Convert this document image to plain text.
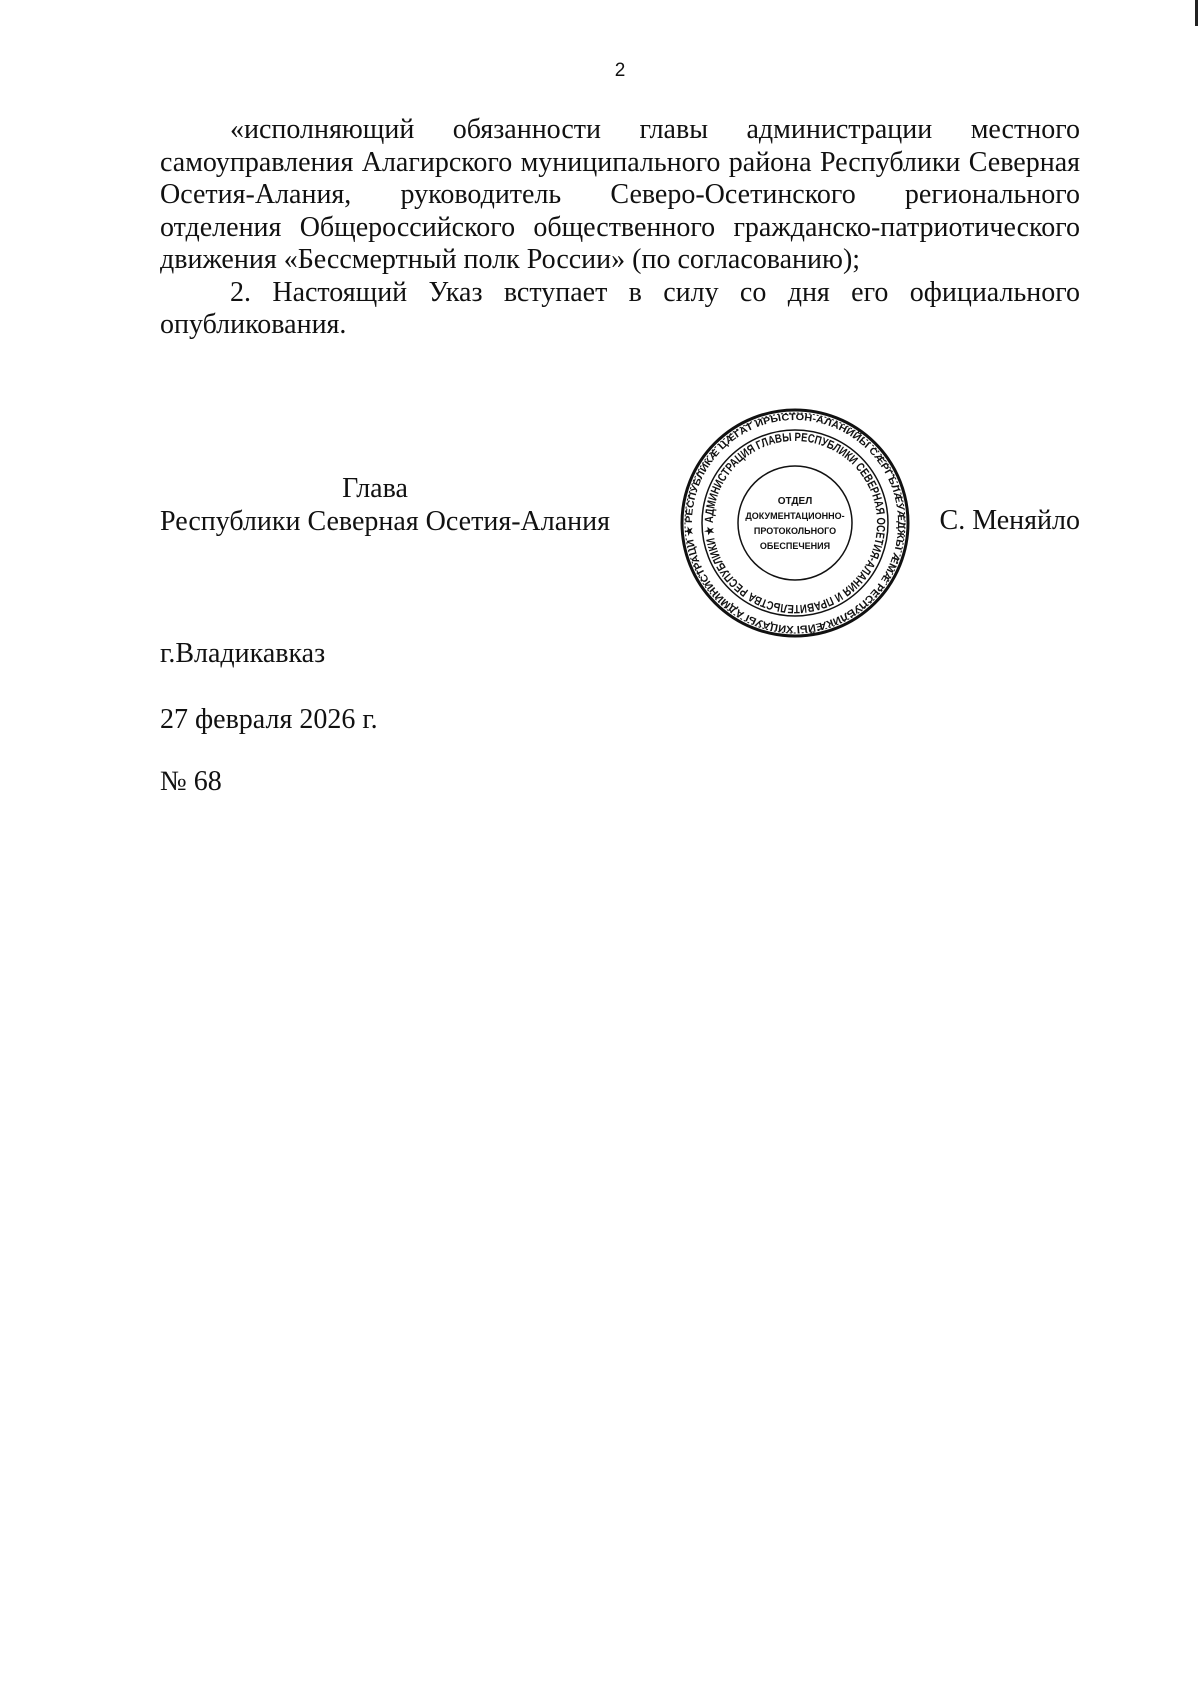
2

«исполняющий обязанности главы администрации местного самоуправления Алагирского муниципального района Республики Северная Осетия-Алания, руководитель Северо-Осетинского регионального отделения Общероссийского общественного гражданско-патриотического движения «Бессмертный полк России» (по согласованию);

2. Настоящий Указ вступает в силу со дня его официального опубликования.

Глава
Республики Северная Осетия-Алания	РЕСПУБЛИКӔ ЦӔГАТ ИРЫСТОН-АЛАНИЙЫ СӔРГЪЛӔУӔДЖЫ ӔМӔ РЕСПУБЛИКӔЙЫ ХИЦАУЫ АДМИНИСТРАЦИ ★
АДМИНИСТРАЦИЯ ГЛАВЫ РЕСПУБЛИКИ СЕВЕРНАЯ ОСЕТИЯ-АЛАНИЯ И ПРАВИТЕЛЬСТВА РЕСПУБЛИКИ ★
ОТДЕЛ
ДОКУМЕНТАЦИОННО-
ПРОТОКОЛЬНОГО
ОБЕСПЕЧЕНИЯ
С. Меняйло
г.Владикавказ
27 февраля 2026 г.
№ 68
